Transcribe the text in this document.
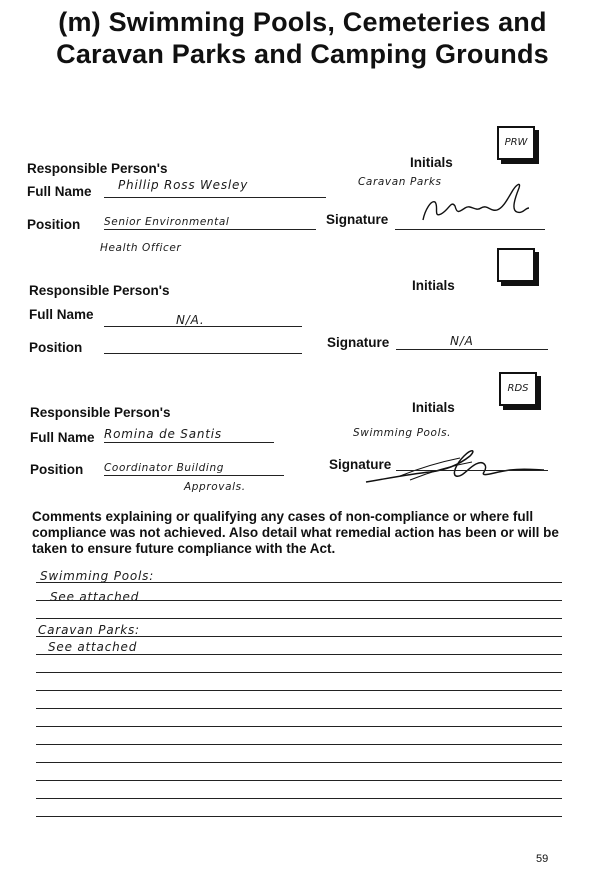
(m) Swimming Pools, Cemeteries and
Caravan Parks and Camping Grounds
PRW
Initials
Responsible Person's
Full Name Phillip Ross Wesley	Caravan Parks
Position Senior Environmental
Health Officer
Signature
Initials
Responsible Person's
Full Name	N/A.
Position	Signature	N/A
RDS
Initials
Responsible Person's
Full Name Romina de Santis	Swimming Pools.
Position Coordinator Building
Approvals.
Signature
Comments explaining or qualifying any cases of non-compliance or where full compliance was not achieved. Also detail what remedial action has been or will be taken to ensure future compliance with the Act.
Swimming Pools:
See attached
Caravan Parks:
See attached
59
